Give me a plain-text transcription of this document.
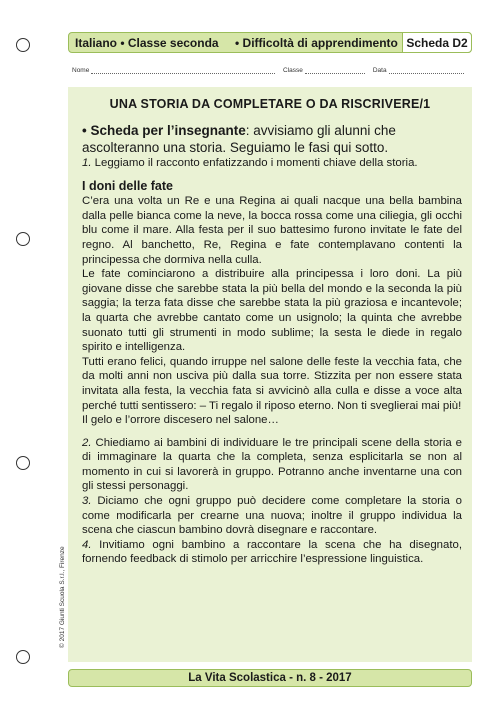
Italiano • Classe seconda	• Difficoltà di apprendimento Scheda D2
Nome	Classe	Data
UNA STORIA DA COMPLETARE O DA RISCRIVERE/1

• Scheda per l’insegnante: avvisiamo gli alunni che ascolteranno una storia. Seguiamo le fasi qui sotto.

1. Leggiamo il racconto enfatizzando i momenti chiave della storia.

I doni delle fate

C’era una volta un Re e una Regina ai quali nacque una bella bambina dalla pelle bianca come la neve, la bocca rossa come una ciliegia, gli occhi blu come il mare. Alla festa per il suo battesimo furono invitate le fate del regno. Al banchetto, Re, Regina e fate contemplavano contenti la principessa che dormiva nella culla.

Le fate cominciarono a distribuire alla principessa i loro doni. La più giovane disse che sarebbe stata la più bella del mondo e la seconda la più saggia; la terza fata disse che sarebbe stata la più graziosa e incantevole; la quarta che avrebbe cantato come un usignolo; la quinta che avrebbe suonato tutti gli strumenti in modo sublime; la sesta le diede in regalo spirito e intelligenza.

Tutti erano felici, quando irruppe nel salone delle feste la vecchia fata, che da molti anni non usciva più dalla sua torre. Stizzita per non essere stata invitata alla festa, la vecchia fata si avvicinò alla culla e disse a voce alta perché tutti sentissero: – Ti regalo il riposo eterno. Non ti sveglierai mai più!

Il gelo e l’orrore discesero nel salone…

2. Chiediamo ai bambini di individuare le tre principali scene della storia e di immaginare la quarta che la completa, senza esplicitarla se non al momento in cui si lavorerà in gruppo. Potranno anche inventarne una con gli stessi personaggi.

3. Diciamo che ogni gruppo può decidere come completare la storia o come modificarla per crearne una nuova; inoltre il gruppo individua la scena che ciascun bambino dovrà disegnare e raccontare.

4. Invitiamo ogni bambino a raccontare la scena che ha disegnato, fornendo feedback di stimolo per arricchire l’espressione linguistica.

© 2017 Giunti Scuola S.r.l., Firenze
La Vita Scolastica - n. 8 - 2017
